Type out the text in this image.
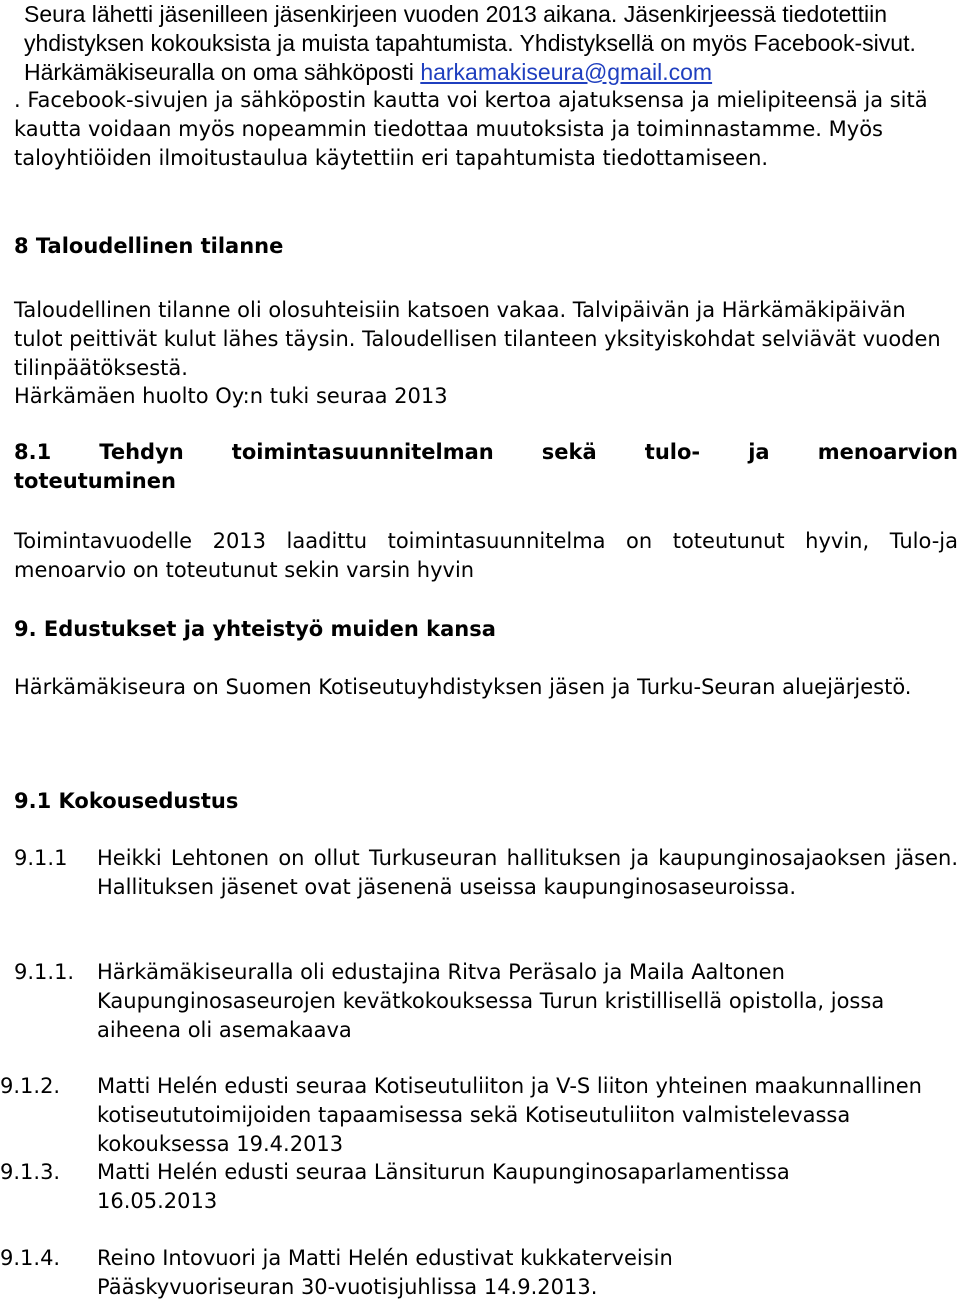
Seura lähetti jäsenilleen jäsenkirjeen vuoden 2013 aikana. Jäsenkirjeessä tiedotettiin yhdistyksen kokouksista ja muista tapahtumista. Yhdistyksellä on myös Facebook-sivut. Härkämäkiseuralla on oma sähköposti harkamakiseura@gmail.com

. Facebook-sivujen ja sähköpostin kautta voi kertoa ajatuksensa ja mielipiteensä ja sitä kautta voidaan myös nopeammin tiedottaa muutoksista ja toiminnastamme. Myös taloyhtiöiden ilmoitustaulua käytettiin eri tapahtumista tiedottamiseen.

8 Taloudellinen tilanne

Taloudellinen tilanne oli olosuhteisiin katsoen vakaa. Talvipäivän ja Härkämäkipäivän tulot peittivät kulut lähes täysin. Taloudellisen tilanteen yksityiskohdat selviävät vuoden tilinpäätöksestä.

Härkämäen huolto Oy:n tuki seuraa 2013

8.1 Tehdyn toimintasuunnitelman sekä tulo- ja menoarvion

toteutuminen

Toimintavuodelle 2013 laadittu toimintasuunnitelma on toteutunut hyvin, Tulo-ja menoarvio on toteutunut sekin varsin hyvin

9. Edustukset ja yhteistyö muiden kansa

Härkämäkiseura on Suomen Kotiseutuyhdistyksen jäsen ja Turku-Seuran aluejärjestö.

9.1 Kokousedustus

9.1.1 Heikki Lehtonen on ollut Turkuseuran hallituksen ja kaupunginosajaoksen jäsen. Hallituksen jäsenet ovat jäsenenä useissa kaupunginosaseuroissa.

9.1.1. Härkämäkiseuralla oli edustajina Ritva Peräsalo ja Maila Aaltonen Kaupunginosaseurojen kevätkokouksessa Turun kristillisellä opistolla, jossa aiheena oli asemakaava

9.1.2. Matti Helén edusti seuraa Kotiseutuliiton ja V-S liiton yhteinen maakunnallinen kotiseututoimijoiden tapaamisessa sekä Kotiseutuliiton valmistelevassa kokouksessa 19.4.2013

9.1.3. Matti Helén edusti seuraa Länsiturun Kaupunginosaparlamentissa 16.05.2013

9.1.4. Reino Intovuori ja Matti Helén edustivat kukkaterveisin Pääskyvuoriseuran 30-vuotisjuhlissa 14.9.2013.
